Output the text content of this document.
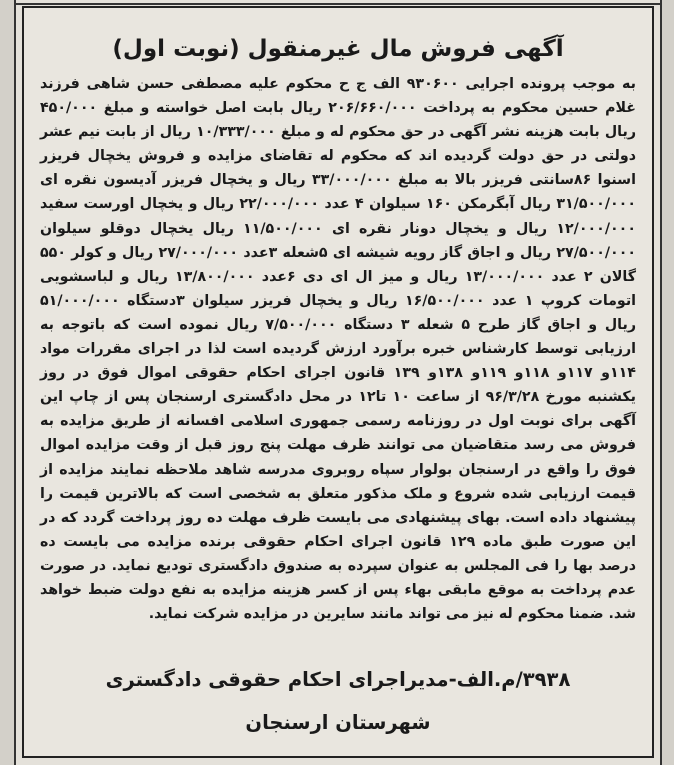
آگهی فروش مال غیرمنقول (نوبت اول)
به موجب پرونده اجرایی ۹۳۰۶۰۰ الف ج ح محکوم علیه مصطفی حسن شاهی فرزند غلام حسین محکوم به پرداخت ۲۰۶/۶۶۰/۰۰۰ ریال بابت اصل خواسته و مبلغ ۴۵۰/۰۰۰ ریال بابت هزینه نشر آگهی در حق محکوم له و مبلغ ۱۰/۳۳۳/۰۰۰ ریال از بابت نیم عشر دولتی در حق دولت گردیده اند که محکوم له تقاضای مزایده و فروش یخچال فریزر اسنوا ۸۶سانتی فریزر بالا به مبلغ ۳۳/۰۰۰/۰۰۰ ریال و یخچال فریزر آدیسون نقره ای ۳۱/۵۰۰/۰۰۰ ریال آبگرمکن ۱۶۰ سیلوان ۴ عدد ۲۲/۰۰۰/۰۰۰ ریال و یخچال اورست سفید ۱۲/۰۰۰/۰۰۰ ریال و یخچال دونار نقره ای ۱۱/۵۰۰/۰۰۰ ریال یخچال دوقلو سیلوان ۲۷/۵۰۰/۰۰۰ ریال و اجاق گاز رویه شیشه ای ۵شعله ۳عدد ۲۷/۰۰۰/۰۰۰ ریال و کولر ۵۵۰ گالان ۲ عدد ۱۳/۰۰۰/۰۰۰ ریال و میز ال ای دی ۶عدد ۱۳/۸۰۰/۰۰۰ ریال و لباسشویی اتومات کروپ ۱ عدد ۱۶/۵۰۰/۰۰۰ ریال و یخچال فریزر سیلوان ۳دستگاه ۵۱/۰۰۰/۰۰۰ ریال و اجاق گاز طرح ۵ شعله ۳ دستگاه ۷/۵۰۰/۰۰۰ ریال نموده است که باتوجه به ارزیابی توسط کارشناس خبره برآورد ارزش گردیده است لذا در اجرای مقررات مواد ۱۱۴و ۱۱۷و ۱۱۸و ۱۱۹و ۱۳۸و ۱۳۹ قانون اجرای احکام حقوقی اموال فوق در روز یکشنبه مورخ ۹۶/۳/۲۸ از ساعت ۱۰ تا۱۲ در محل دادگستری ارسنجان پس از چاپ این آگهی برای نوبت اول در روزنامه رسمی جمهوری اسلامی افسانه از طریق مزایده به فروش می رسد متقاضیان می توانند ظرف مهلت پنج روز قبل از وقت مزایده اموال فوق را واقع در ارسنجان بولوار سپاه روبروی مدرسه شاهد ملاحظه نمایند مزایده از قیمت ارزیابی شده شروع و ملک مذکور متعلق به شخصی است که بالاترین قیمت را پیشنهاد داده است. بهای پیشنهادی می بایست ظرف مهلت ده روز پرداخت گردد که در این صورت طبق ماده ۱۲۹ قانون اجرای احکام حقوقی برنده مزایده می بایست ده درصد بها را فی المجلس به عنوان سپرده به صندوق دادگستری تودیع نماید. در صورت عدم پرداخت به موقع مابقی بهاء پس از کسر هزینه مزایده به نفع دولت ضبط خواهد شد. ضمنا محکوم له نیز می تواند مانند سایرین در مزایده شرکت نماید.
۳۹۳۸/م.الف-مدیراجرای احکام حقوقی دادگستری
شهرستان ارسنجان
